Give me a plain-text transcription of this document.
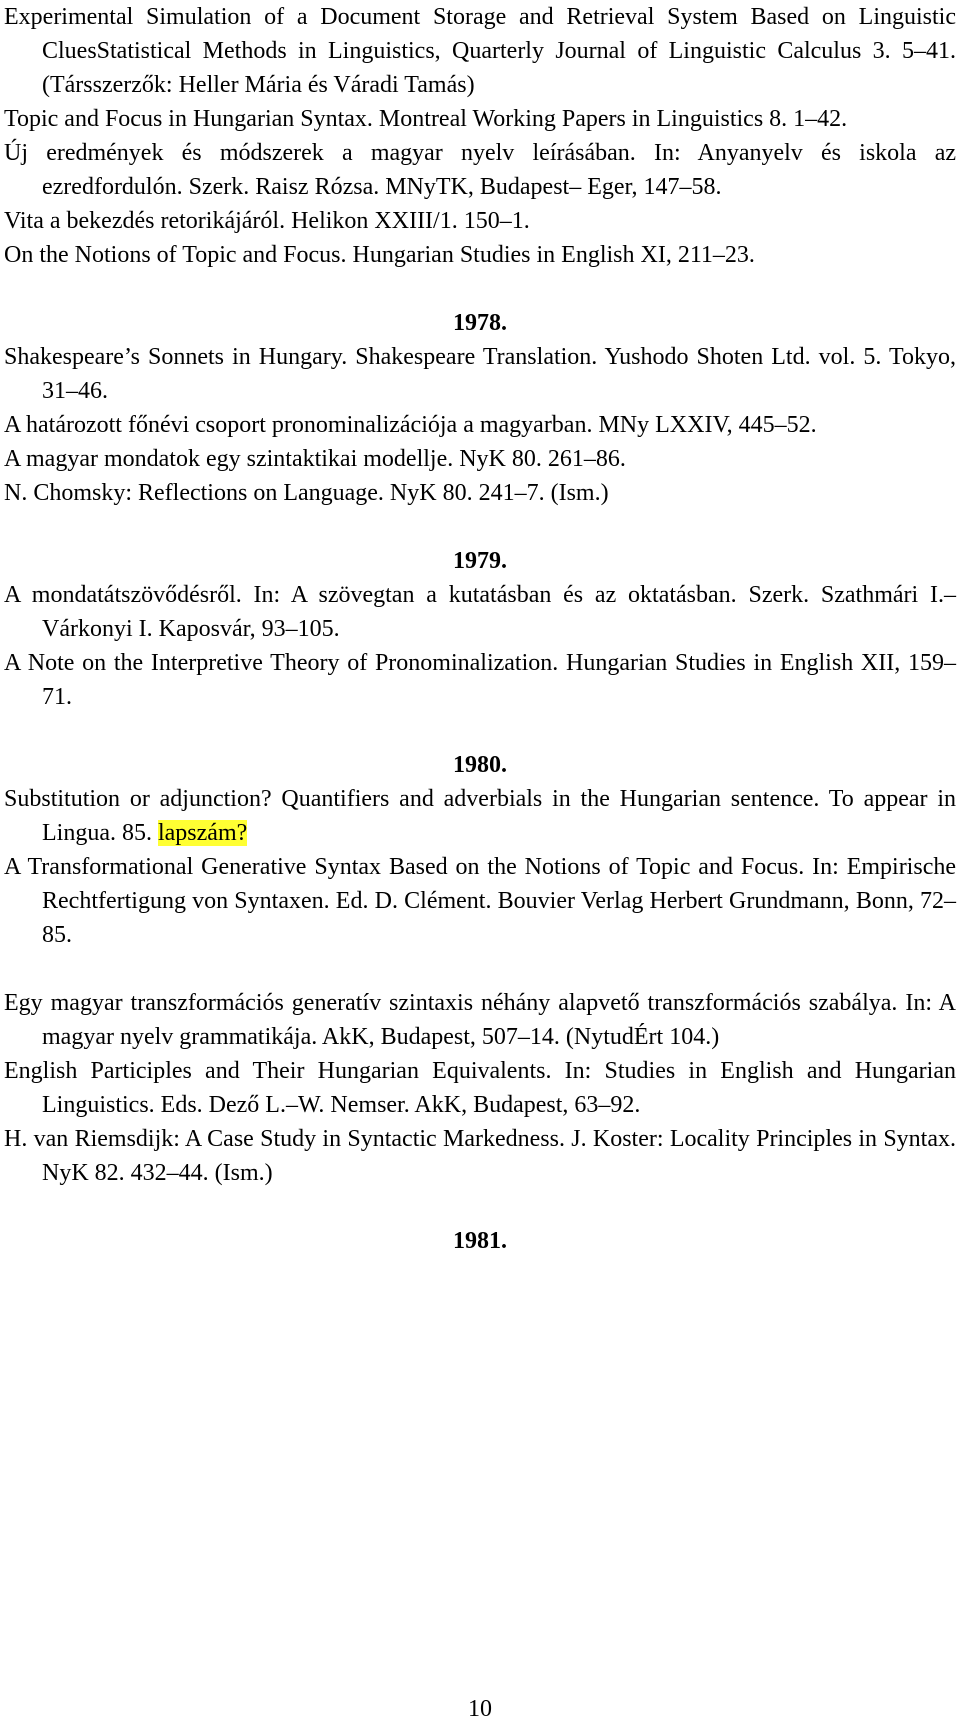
Experimental Simulation of a Document Storage and Retrieval System Based on Linguistic CluesStatistical Methods in Linguistics, Quarterly Journal of Linguistic Calculus 3. 5–41. (Társszerzők: Heller Mária és Váradi Tamás)

Topic and Focus in Hungarian Syntax. Montreal Working Papers in Linguistics 8. 1–42.

Új eredmények és módszerek a magyar nyelv leírásában. In: Anyanyelv és iskola az ezredfordulón. Szerk. Raisz Rózsa. MNyTK, Budapest– Eger, 147–58.

Vita a bekezdés retorikájáról. Helikon XXIII/1. 150–1.

On the Notions of Topic and Focus. Hungarian Studies in English XI, 211–23.

1978.

Shakespeare’s Sonnets in Hungary. Shakespeare Translation. Yushodo Shoten Ltd. vol. 5. Tokyo, 31–46.

A határozott főnévi csoport pronominalizációja a magyarban. MNy LXXIV, 445–52.

A magyar mondatok egy szintaktikai modellje. NyK 80. 261–86.

N. Chomsky: Reflections on Language. NyK 80. 241–7. (Ism.)

1979.

A mondatátszövődésről. In: A szövegtan a kutatásban és az oktatásban. Szerk. Szathmári I.–Várkonyi I. Kaposvár, 93–105.

A Note on the Interpretive Theory of Pronominalization. Hungarian Studies in English XII, 159–71.

1980.

Substitution or adjunction? Quantifiers and adverbials in the Hungarian sentence. To appear in Lingua. 85. lapszám?

A Transformational Generative Syntax Based on the Notions of Topic and Focus. In: Empirische Rechtfertigung von Syntaxen. Ed. D. Clément. Bouvier Verlag Herbert Grundmann, Bonn, 72–85.

Egy magyar transzformációs generatív szintaxis néhány alapvető transzformációs szabálya. In: A magyar nyelv grammatikája. AkK, Budapest, 507–14. (NytudÉrt 104.)

English Participles and Their Hungarian Equivalents. In: Studies in English and Hungarian Linguistics. Eds. Dező L.–W. Nemser. AkK, Budapest, 63–92.

H. van Riemsdijk: A Case Study in Syntactic Markedness. J. Koster: Locality Principles in Syntax. NyK 82. 432–44. (Ism.)

1981.

10
